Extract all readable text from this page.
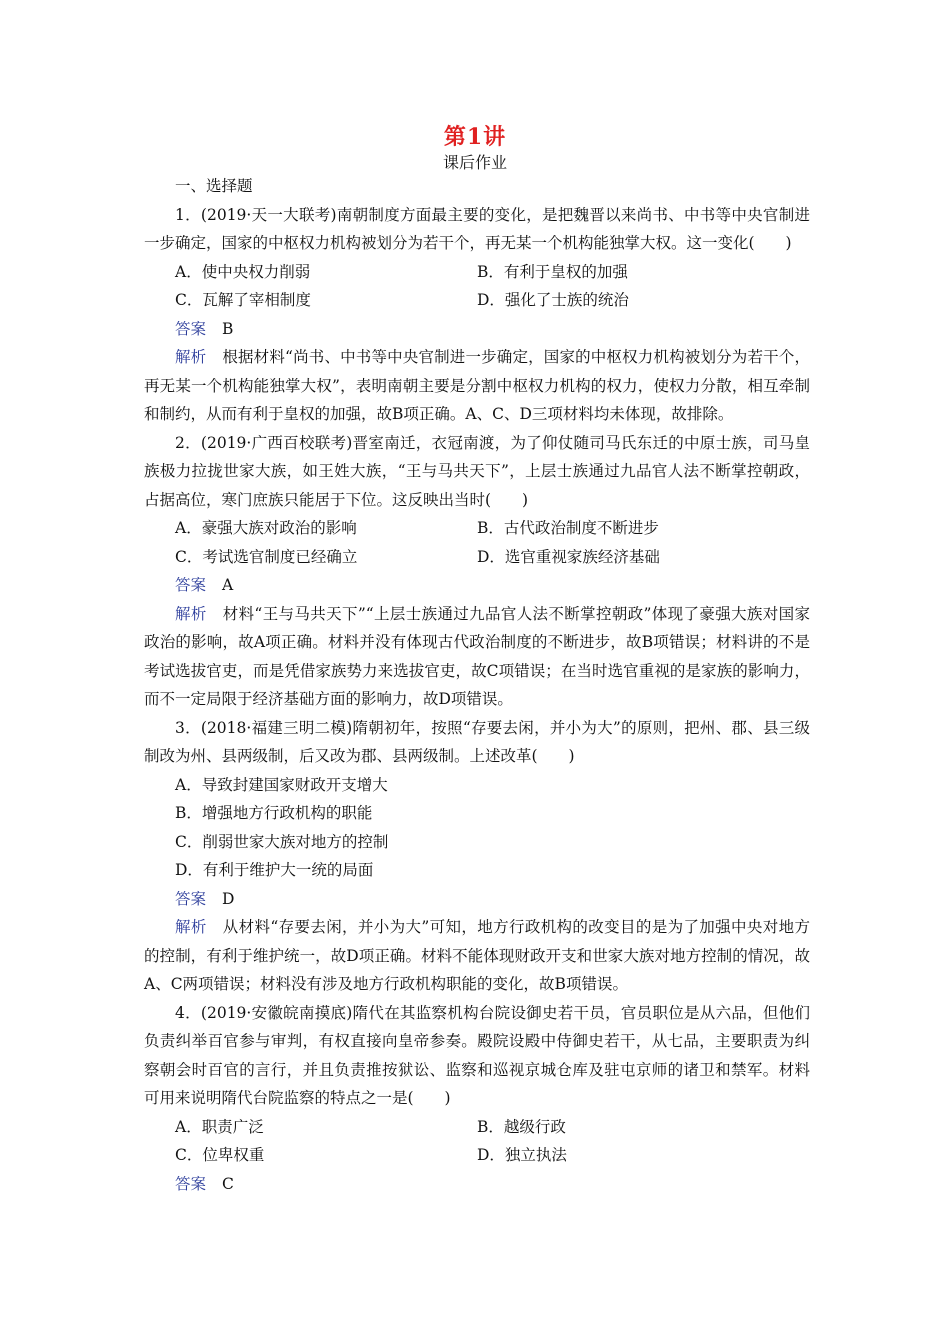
第1讲
课后作业

一、选择题

1．(2019·天一大联考)南朝制度方面最主要的变化，是把魏晋以来尚书、中书等中央官制进一步确定，国家的中枢权力机构被划分为若干个，再无某一个机构能独掌大权。这一变化(　　)

A．使中央权力削弱	B．有利于皇权的加强
C．瓦解了宰相制度	D．强化了士族的统治

答案 B

解析 根据材料“尚书、中书等中央官制进一步确定，国家的中枢权力机构被划分为若干个，再无某一个机构能独掌大权”，表明南朝主要是分割中枢权力机构的权力，使权力分散，相互牵制和制约，从而有利于皇权的加强，故B项正确。A、C、D三项材料均未体现，故排除。

2．(2019·广西百校联考)晋室南迁，衣冠南渡，为了仰仗随司马氏东迁的中原士族，司马皇族极力拉拢世家大族，如王姓大族，“王与马共天下”，上层士族通过九品官人法不断掌控朝政，占据高位，寒门庶族只能居于下位。这反映出当时(　　)

A．豪强大族对政治的影响	B．古代政治制度不断进步
C．考试选官制度已经确立	D．选官重视家族经济基础

答案 A

解析 材料“王与马共天下”“上层士族通过九品官人法不断掌控朝政”体现了豪强大族对国家政治的影响，故A项正确。材料并没有体现古代政治制度的不断进步，故B项错误；材料讲的不是考试选拔官吏，而是凭借家族势力来选拔官吏，故C项错误；在当时选官重视的是家族的影响力，而不一定局限于经济基础方面的影响力，故D项错误。

3．(2018·福建三明二模)隋朝初年，按照“存要去闲，并小为大”的原则，把州、郡、县三级制改为州、县两级制，后又改为郡、县两级制。上述改革(　　)

A．导致封建国家财政开支增大

B．增强地方行政机构的职能

C．削弱世家大族对地方的控制

D．有利于维护大一统的局面

答案 D

解析 从材料“存要去闲，并小为大”可知，地方行政机构的改变目的是为了加强中央对地方的控制，有利于维护统一，故D项正确。材料不能体现财政开支和世家大族对地方控制的情况，故A、C两项错误；材料没有涉及地方行政机构职能的变化，故B项错误。

4．(2019·安徽皖南摸底)隋代在其监察机构台院设御史若干员，官员职位是从六品，但他们负责纠举百官参与审判，有权直接向皇帝参奏。殿院设殿中侍御史若干，从七品，主要职责为纠察朝会时百官的言行，并且负责推按狱讼、监察和巡视京城仓库及驻屯京师的诸卫和禁军。材料可用来说明隋代台院监察的特点之一是(　　)

A．职责广泛	B．越级行政
C．位卑权重	D．独立执法

答案 C
